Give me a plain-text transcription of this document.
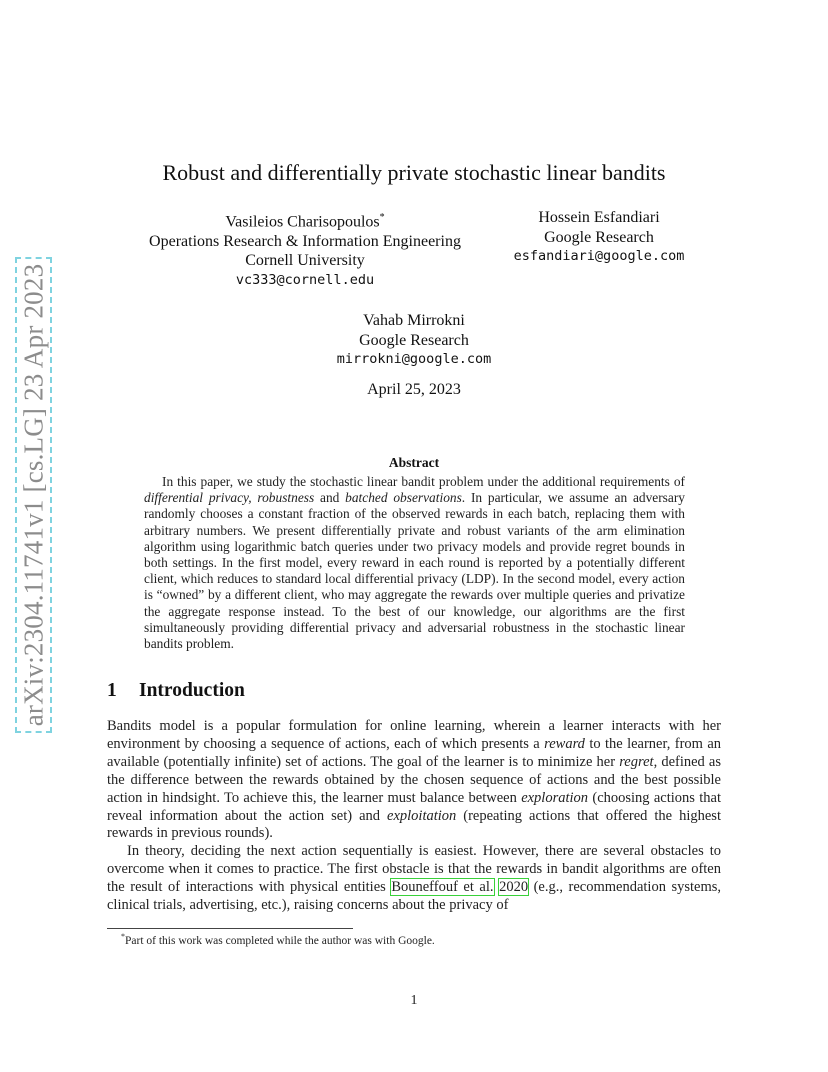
arXiv:2304.11741v1 [cs.LG] 23 Apr 2023
Robust and differentially private stochastic linear bandits
Vasileios Charisopoulos*
Operations Research & Information Engineering
Cornell University
vc333@cornell.edu
Hossein Esfandiari
Google Research
esfandiari@google.com
Vahab Mirrokni
Google Research
mirrokni@google.com
April 25, 2023
Abstract

In this paper, we study the stochastic linear bandit problem under the additional requirements of differential privacy, robustness and batched observations. In particular, we assume an adversary randomly chooses a constant fraction of the observed rewards in each batch, replacing them with arbitrary numbers. We present differentially private and robust variants of the arm elimination algorithm using logarithmic batch queries under two privacy models and provide regret bounds in both settings. In the first model, every reward in each round is reported by a potentially different client, which reduces to standard local differential privacy (LDP). In the second model, every action is “owned” by a different client, who may aggregate the rewards over multiple queries and privatize the aggregate response instead. To the best of our knowledge, our algorithms are the first simultaneously providing differential privacy and adversarial robustness in the stochastic linear bandits problem.

1 Introduction

Bandits model is a popular formulation for online learning, wherein a learner interacts with her environment by choosing a sequence of actions, each of which presents a reward to the learner, from an available (potentially infinite) set of actions. The goal of the learner is to minimize her regret, defined as the difference between the rewards obtained by the chosen sequence of actions and the best possible action in hindsight. To achieve this, the learner must balance between exploration (choosing actions that reveal information about the action set) and exploitation (repeating actions that offered the highest rewards in previous rounds).

In theory, deciding the next action sequentially is easiest. However, there are several obstacles to overcome when it comes to practice. The first obstacle is that the rewards in bandit algorithms are often the result of interactions with physical entities Bouneffouf et al. 2020 (e.g., recommendation systems, clinical trials, advertising, etc.), raising concerns about the privacy of

*Part of this work was completed while the author was with Google.
1
